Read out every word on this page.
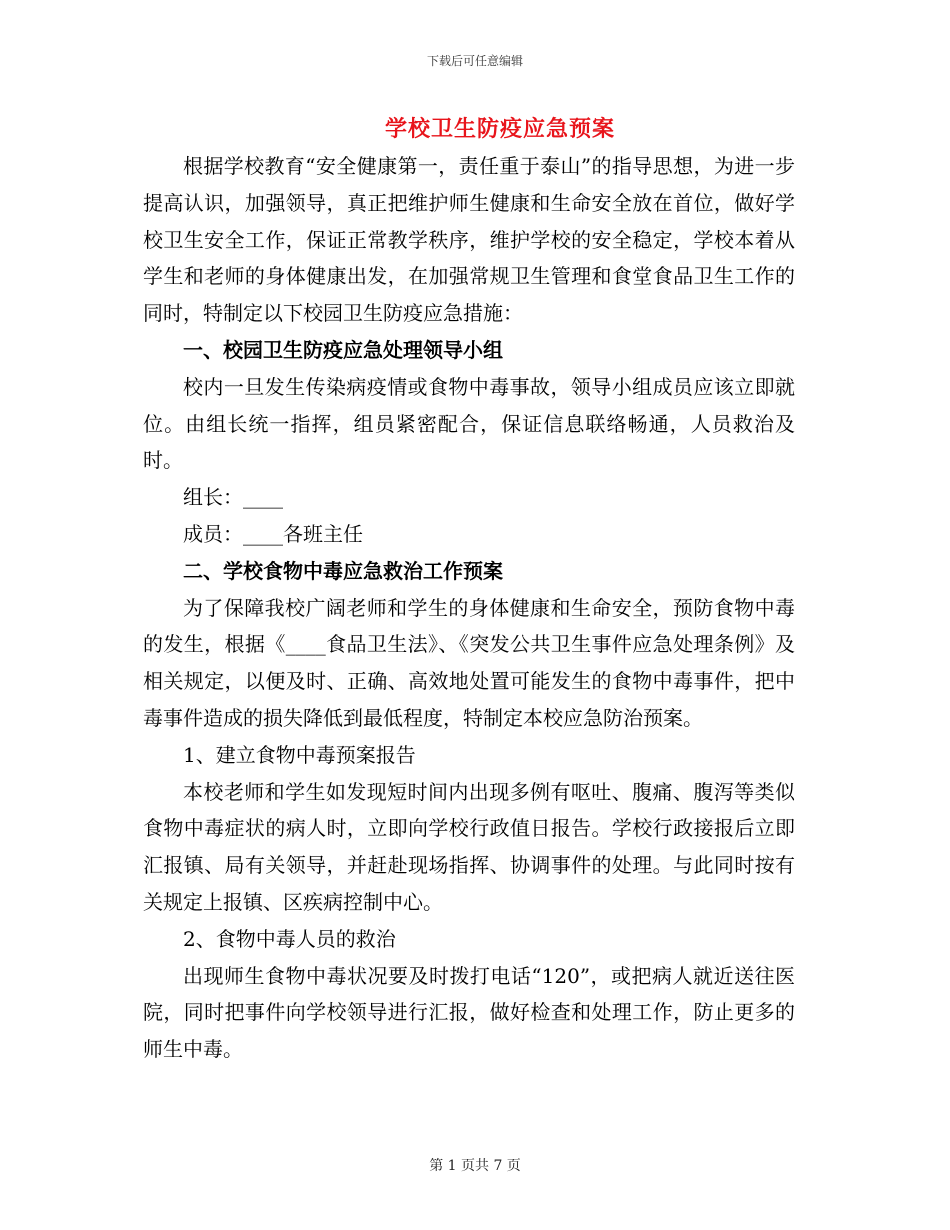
下载后可任意编辑
学校卫生防疫应急预案

根据学校教育“安全健康第一，责任重于泰山”的指导思想，为进一步提高认识，加强领导，真正把维护师生健康和生命安全放在首位，做好学校卫生安全工作，保证正常教学秩序，维护学校的安全稳定，学校本着从学生和老师的身体健康出发，在加强常规卫生管理和食堂食品卫生工作的同时，特制定以下校园卫生防疫应急措施：

一、校园卫生防疫应急处理领导小组

校内一旦发生传染病疫情或食物中毒事故，领导小组成员应该立即就位。由组长统一指挥，组员紧密配合，保证信息联络畅通，人员救治及时。

组长：____

成员：____各班主任

二、学校食物中毒应急救治工作预案

为了保障我校广阔老师和学生的身体健康和生命安全，预防食物中毒的发生，根据《____食品卫生法》、《突发公共卫生事件应急处理条例》及相关规定，以便及时、正确、高效地处置可能发生的食物中毒事件，把中毒事件造成的损失降低到最低程度，特制定本校应急防治预案。

1、建立食物中毒预案报告

本校老师和学生如发现短时间内出现多例有呕吐、腹痛、腹泻等类似食物中毒症状的病人时，立即向学校行政值日报告。学校行政接报后立即汇报镇、局有关领导，并赶赴现场指挥、协调事件的处理。与此同时按有关规定上报镇、区疾病控制中心。

2、食物中毒人员的救治

出现师生食物中毒状况要及时拨打电话“120”，或把病人就近送往医院，同时把事件向学校领导进行汇报，做好检查和处理工作，防止更多的师生中毒。

第 1 页共 7 页
